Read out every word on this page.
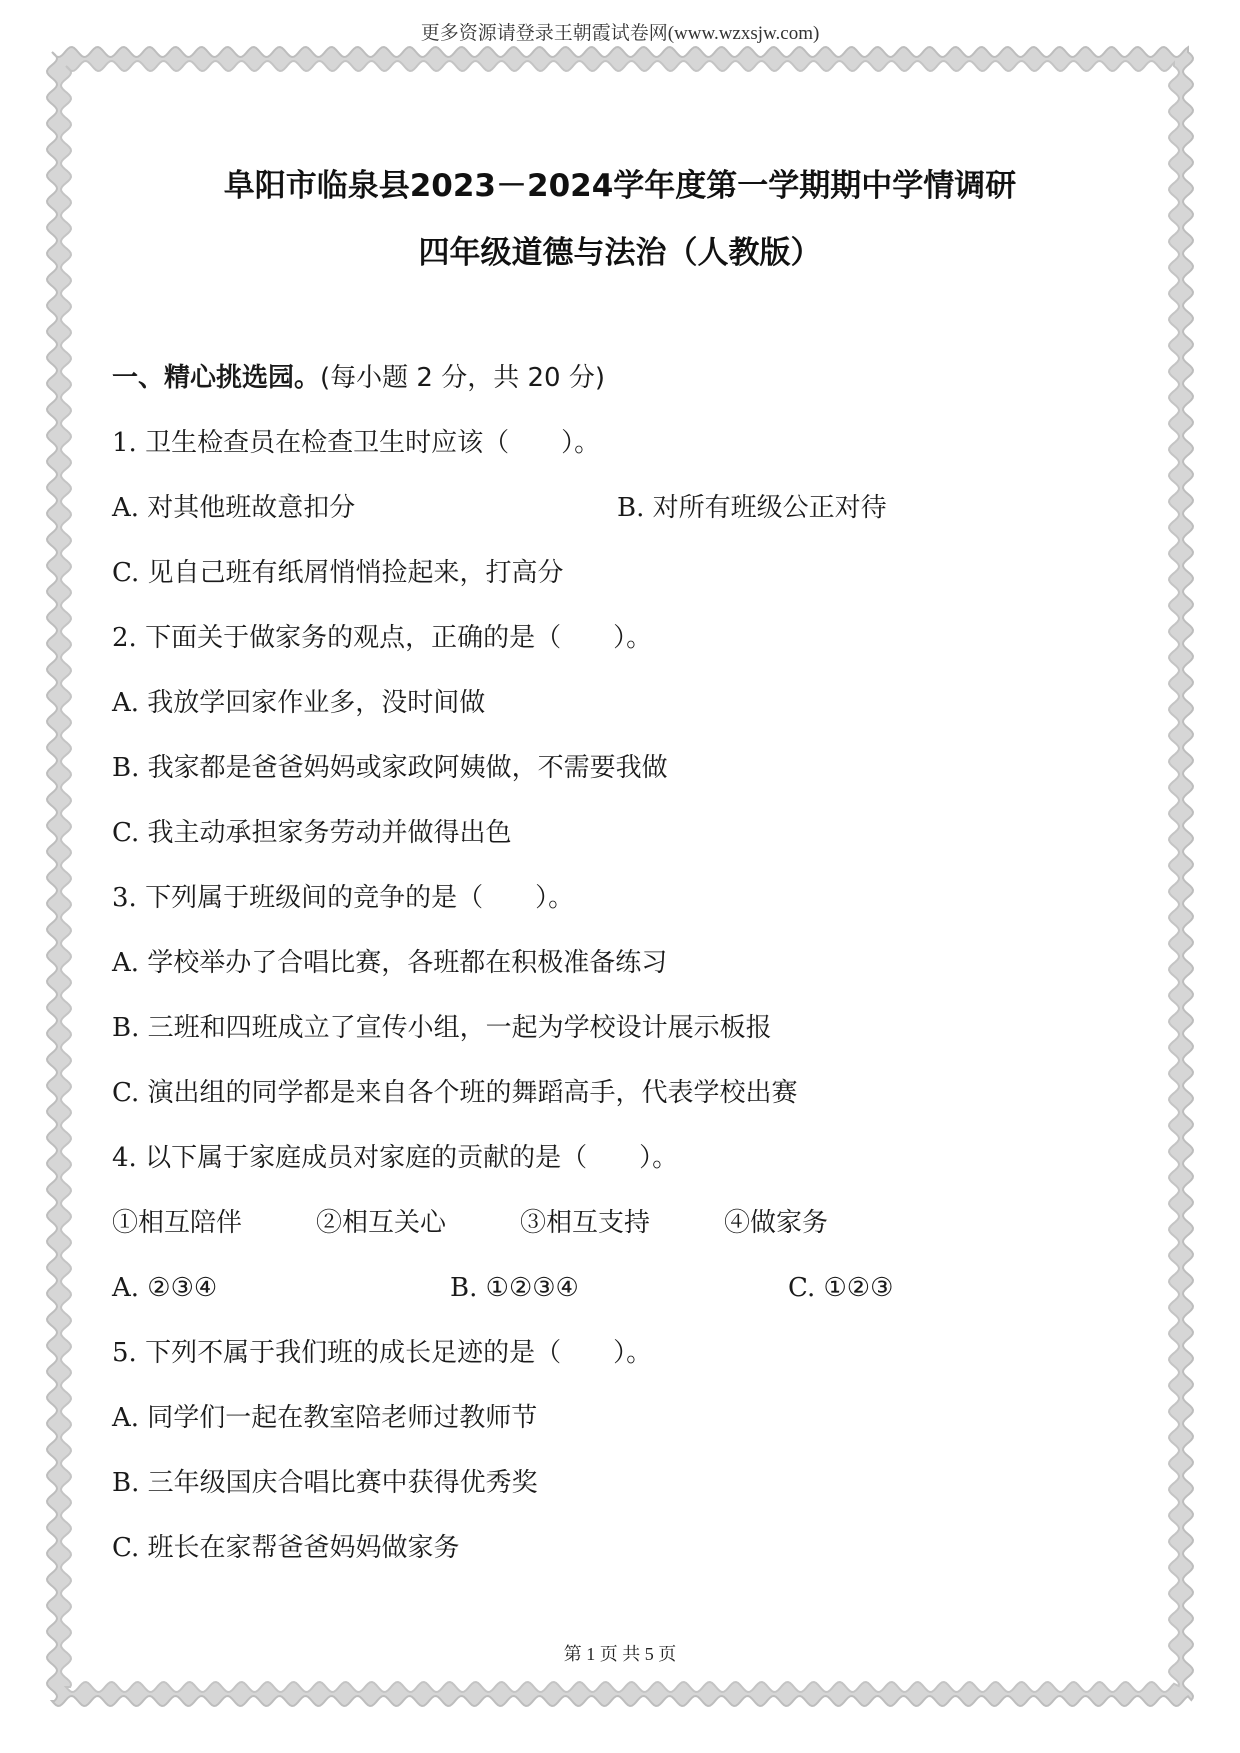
更多资源请登录王朝霞试卷网(www.wzxsjw.com)
阜阳市临泉县2023－2024学年度第一学期期中学情调研
四年级道德与法治（人教版）
一、精心挑选园。(每小题 2 分，共 20 分)
1. 卫生检查员在检查卫生时应该（　　）。
A. 对其他班故意扣分	B. 对所有班级公正对待
C. 见自己班有纸屑悄悄捡起来，打高分
2. 下面关于做家务的观点，正确的是（　　）。
A. 我放学回家作业多，没时间做
B. 我家都是爸爸妈妈或家政阿姨做，不需要我做
C. 我主动承担家务劳动并做得出色
3. 下列属于班级间的竞争的是（　　）。
A. 学校举办了合唱比赛，各班都在积极准备练习
B. 三班和四班成立了宣传小组，一起为学校设计展示板报
C. 演出组的同学都是来自各个班的舞蹈高手，代表学校出赛
4. 以下属于家庭成员对家庭的贡献的是（　　）。
①相互陪伴	②相互关心	③相互支持	④做家务
A. ②③④	B. ①②③④	C. ①②③
5. 下列不属于我们班的成长足迹的是（　　）。
A. 同学们一起在教室陪老师过教师节
B. 三年级国庆合唱比赛中获得优秀奖
C. 班长在家帮爸爸妈妈做家务
第 1 页 共 5 页
